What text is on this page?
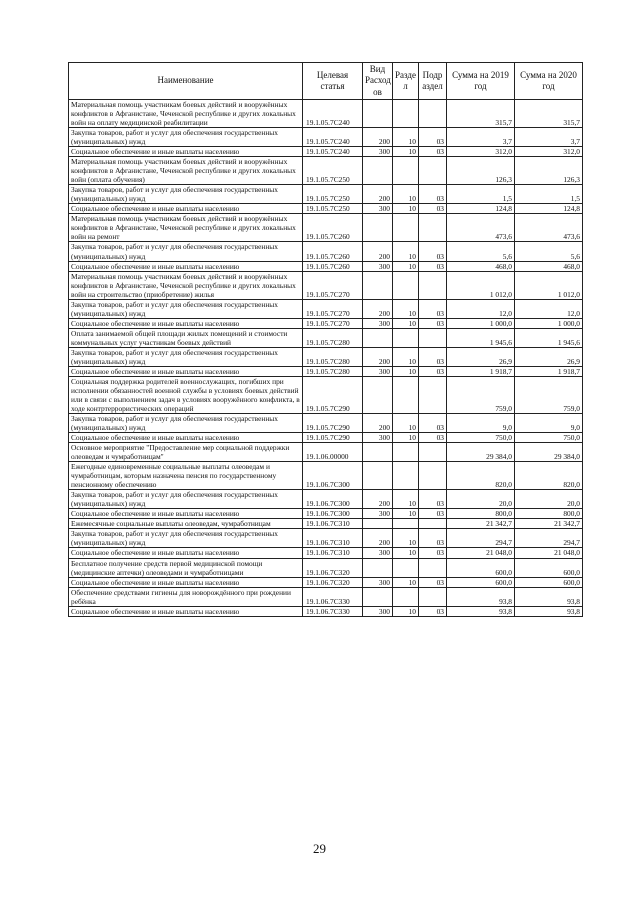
Наименование	Целевая статья	Вид Расход ов	Разде л	Подр аздел	Сумма на 2019 год	Сумма на 2020 год
Материальная помощь участникам боевых действий и вооружённых конфликтов в Афганистане, Чеченской республике и других локальных войн на оплату медицинской реабилитации	19.1.05.7С240				315,7	315,7
Закупка товаров, работ и услуг для обеспечения государственных (муниципальных) нужд	19.1.05.7С240	200	10	03	3,7	3,7
Социальное обеспечение и иные выплаты населению	19.1.05.7С240	300	10	03	312,0	312,0
Материальная помощь участникам боевых действий и вооружённых конфликтов в Афганистане, Чеченской республике и других локальных войн (оплата обучения)	19.1.05.7С250				126,3	126,3
Закупка товаров, работ и услуг для обеспечения государственных (муниципальных) нужд	19.1.05.7С250	200	10	03	1,5	1,5
Социальное обеспечение и иные выплаты населению	19.1.05.7С250	300	10	03	124,8	124,8
Материальная помощь участникам боевых действий и вооружённых конфликтов в Афганистане, Чеченской республике и других локальных войн на ремонт	19.1.05.7С260				473,6	473,6
Закупка товаров, работ и услуг для обеспечения государственных (муниципальных) нужд	19.1.05.7С260	200	10	03	5,6	5,6
Социальное обеспечение и иные выплаты населению	19.1.05.7С260	300	10	03	468,0	468,0
Материальная помощь участникам боевых действий и вооружённых конфликтов в Афганистане, Чеченской республике и других локальных войн на строительство (приобретение) жилья	19.1.05.7С270				1 012,0	1 012,0
Закупка товаров, работ и услуг для обеспечения государственных (муниципальных) нужд	19.1.05.7С270	200	10	03	12,0	12,0
Социальное обеспечение и иные выплаты населению	19.1.05.7С270	300	10	03	1 000,0	1 000,0
Оплата занимаемой общей площади жилых помещений и стоимости коммунальных услуг участникам боевых действий	19.1.05.7С280				1 945,6	1 945,6
Закупка товаров, работ и услуг для обеспечения государственных (муниципальных) нужд	19.1.05.7С280	200	10	03	26,9	26,9
Социальное обеспечение и иные выплаты населению	19.1.05.7С280	300	10	03	1 918,7	1 918,7
Социальная поддержка родителей военнослужащих, погибших при исполнении обязанностей военной службы в условиях боевых действий или в связи с выполнением задач в условиях вооружённого конфликта, в ходе контртеррористических операций	19.1.05.7С290				759,0	759,0
Закупка товаров, работ и услуг для обеспечения государственных (муниципальных) нужд	19.1.05.7С290	200	10	03	9,0	9,0
Социальное обеспечение и иные выплаты населению	19.1.05.7С290	300	10	03	750,0	750,0
Основное мероприятие "Предоставление мер социальной поддержки олеоведам и чумработницам"	19.1.06.00000				29 384,0	29 384,0
Ежегодные единовременные социальные выплаты олеоведам и чумработницам, которым назначена пенсия по государственному пенсионному обеспечению	19.1.06.7С300				820,0	820,0
Закупка товаров, работ и услуг для обеспечения государственных (муниципальных) нужд	19.1.06.7С300	200	10	03	20,0	20,0
Социальное обеспечение и иные выплаты населению	19.1.06.7С300	300	10	03	800,0	800,0
Ежемесячные социальные выплаты олеоведам, чумработницам	19.1.06.7С310				21 342,7	21 342,7
Закупка товаров, работ и услуг для обеспечения государственных (муниципальных) нужд	19.1.06.7С310	200	10	03	294,7	294,7
Социальное обеспечение и иные выплаты населению	19.1.06.7С310	300	10	03	21 048,0	21 048,0
Бесплатное получение средств первой медицинской помощи (медицинские аптечки) олеоведами и чумработницами	19.1.06.7С320				600,0	600,0
Социальное обеспечение и иные выплаты населению	19.1.06.7С320	300	10	03	600,0	600,0
Обеспечение средствами гигиены для новорождённого при рождении ребёнка	19.1.06.7С330				93,8	93,8
Социальное обеспечение и иные выплаты населению	19.1.06.7С330	300	10	03	93,8	93,8
29
